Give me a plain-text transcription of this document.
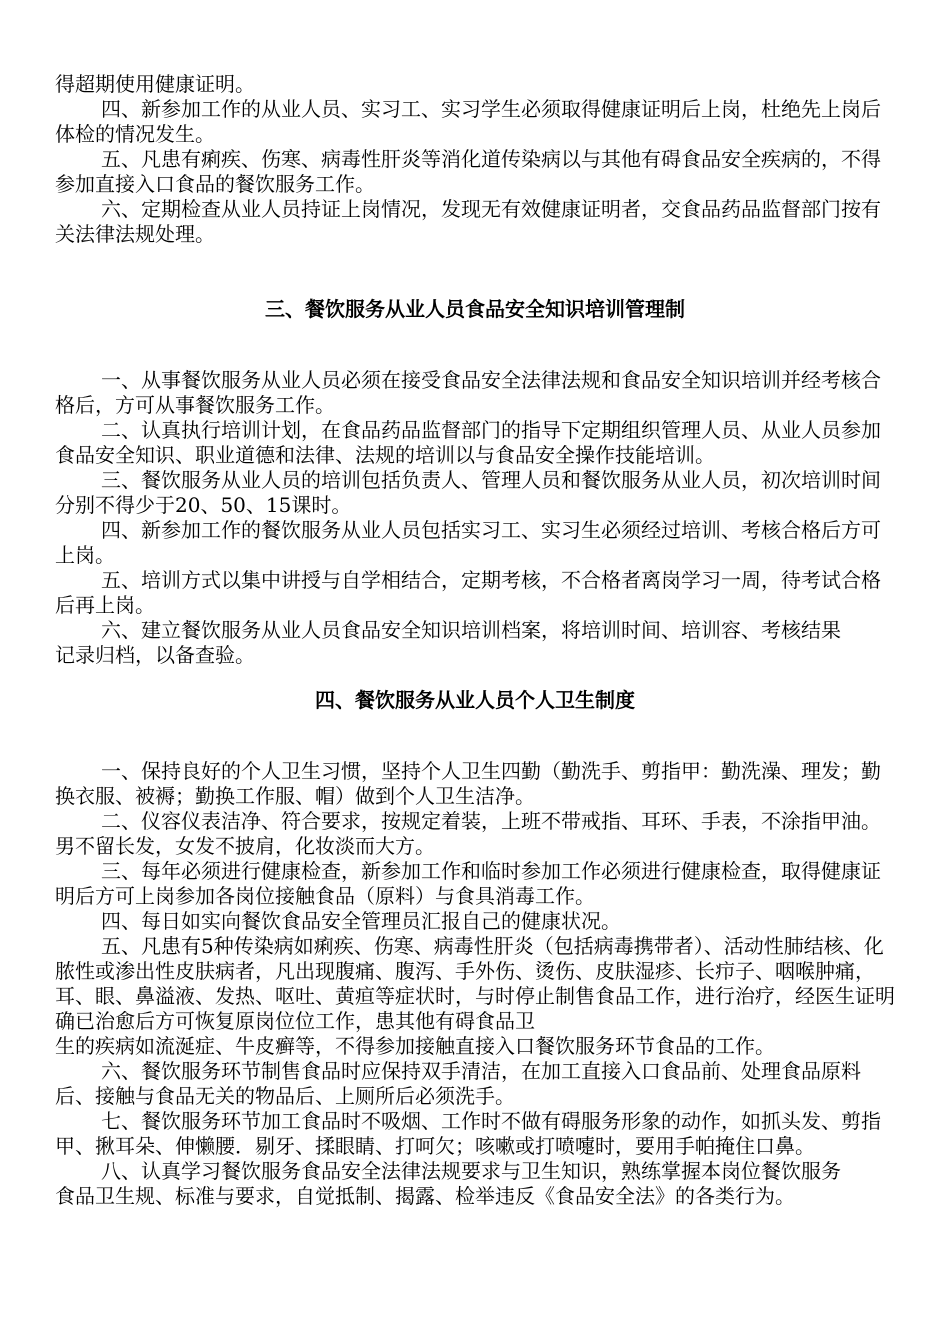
得超期使用健康证明。

四、新参加工作的从业人员、实习工、实习学生必须取得健康证明后上岗，杜绝先上岗后体检的情况发生。

五、凡患有痢疾、伤寒、病毒性肝炎等消化道传染病以与其他有碍食品安全疾病的，不得参加直接入口食品的餐饮服务工作。

六、定期检查从业人员持证上岗情况，发现无有效健康证明者，交食品药品监督部门按有关法律法规处理。

三、餐饮服务从业人员食品安全知识培训管理制

一、从事餐饮服务从业人员必须在接受食品安全法律法规和食品安全知识培训并经考核合格后，方可从事餐饮服务工作。

二、认真执行培训计划，在食品药品监督部门的指导下定期组织管理人员、从业人员参加食品安全知识、职业道德和法律、法规的培训以与食品安全操作技能培训。

三、餐饮服务从业人员的培训包括负责人、管理人员和餐饮服务从业人员，初次培训时间分别不得少于20、50、15课时。

四、新参加工作的餐饮服务从业人员包括实习工、实习生必须经过培训、考核合格后方可上岗。

五、培训方式以集中讲授与自学相结合，定期考核，不合格者离岗学习一周，待考试合格后再上岗。

六、建立餐饮服务从业人员食品安全知识培训档案，将培训时间、培训容、考核结果记录归档，以备查验。

四、餐饮服务从业人员个人卫生制度

一、保持良好的个人卫生习惯，坚持个人卫生四勤（勤洗手、剪指甲：勤洗澡、理发；勤换衣服、被褥；勤换工作服、帽）做到个人卫生洁净。

二、仪容仪表洁净、符合要求，按规定着装，上班不带戒指、耳环、手表，不涂指甲油。男不留长发，女发不披肩，化妆淡而大方。

三、每年必须进行健康检查，新参加工作和临时参加工作必须进行健康检查，取得健康证明后方可上岗参加各岗位接触食品（原料）与食具消毒工作。

四、每日如实向餐饮食品安全管理员汇报自己的健康状况。

五、凡患有5种传染病如痢疾、伤寒、病毒性肝炎（包括病毒携带者）、活动性肺结核、化脓性或渗出性皮肤病者，凡出现腹痛、腹泻、手外伤、烫伤、皮肤湿疹、长疖子、咽喉肿痛，耳、眼、鼻溢液、发热、呕吐、黄疸等症状时，与时停止制售食品工作，进行治疗，经医生证明确已治愈后方可恢复原岗位位工作，患其他有碍食品卫

生的疾病如流涎症、牛皮癣等，不得参加接触直接入口餐饮服务环节食品的工作。

六、餐饮服务环节制售食品时应保持双手清洁，在加工直接入口食品前、处理食品原料后、接触与食品无关的物品后、上厕所后必须洗手。

七、餐饮服务环节加工食品时不吸烟、工作时不做有碍服务形象的动作，如抓头发、剪指甲、揪耳朵、伸懒腰．剔牙、揉眼睛、打呵欠；咳嗽或打喷嚏时，要用手帕掩住口鼻。

八、认真学习餐饮服务食品安全法律法规要求与卫生知识，熟练掌握本岗位餐饮服务食品卫生规、标准与要求，自觉抵制、揭露、检举违反《食品安全法》的各类行为。
